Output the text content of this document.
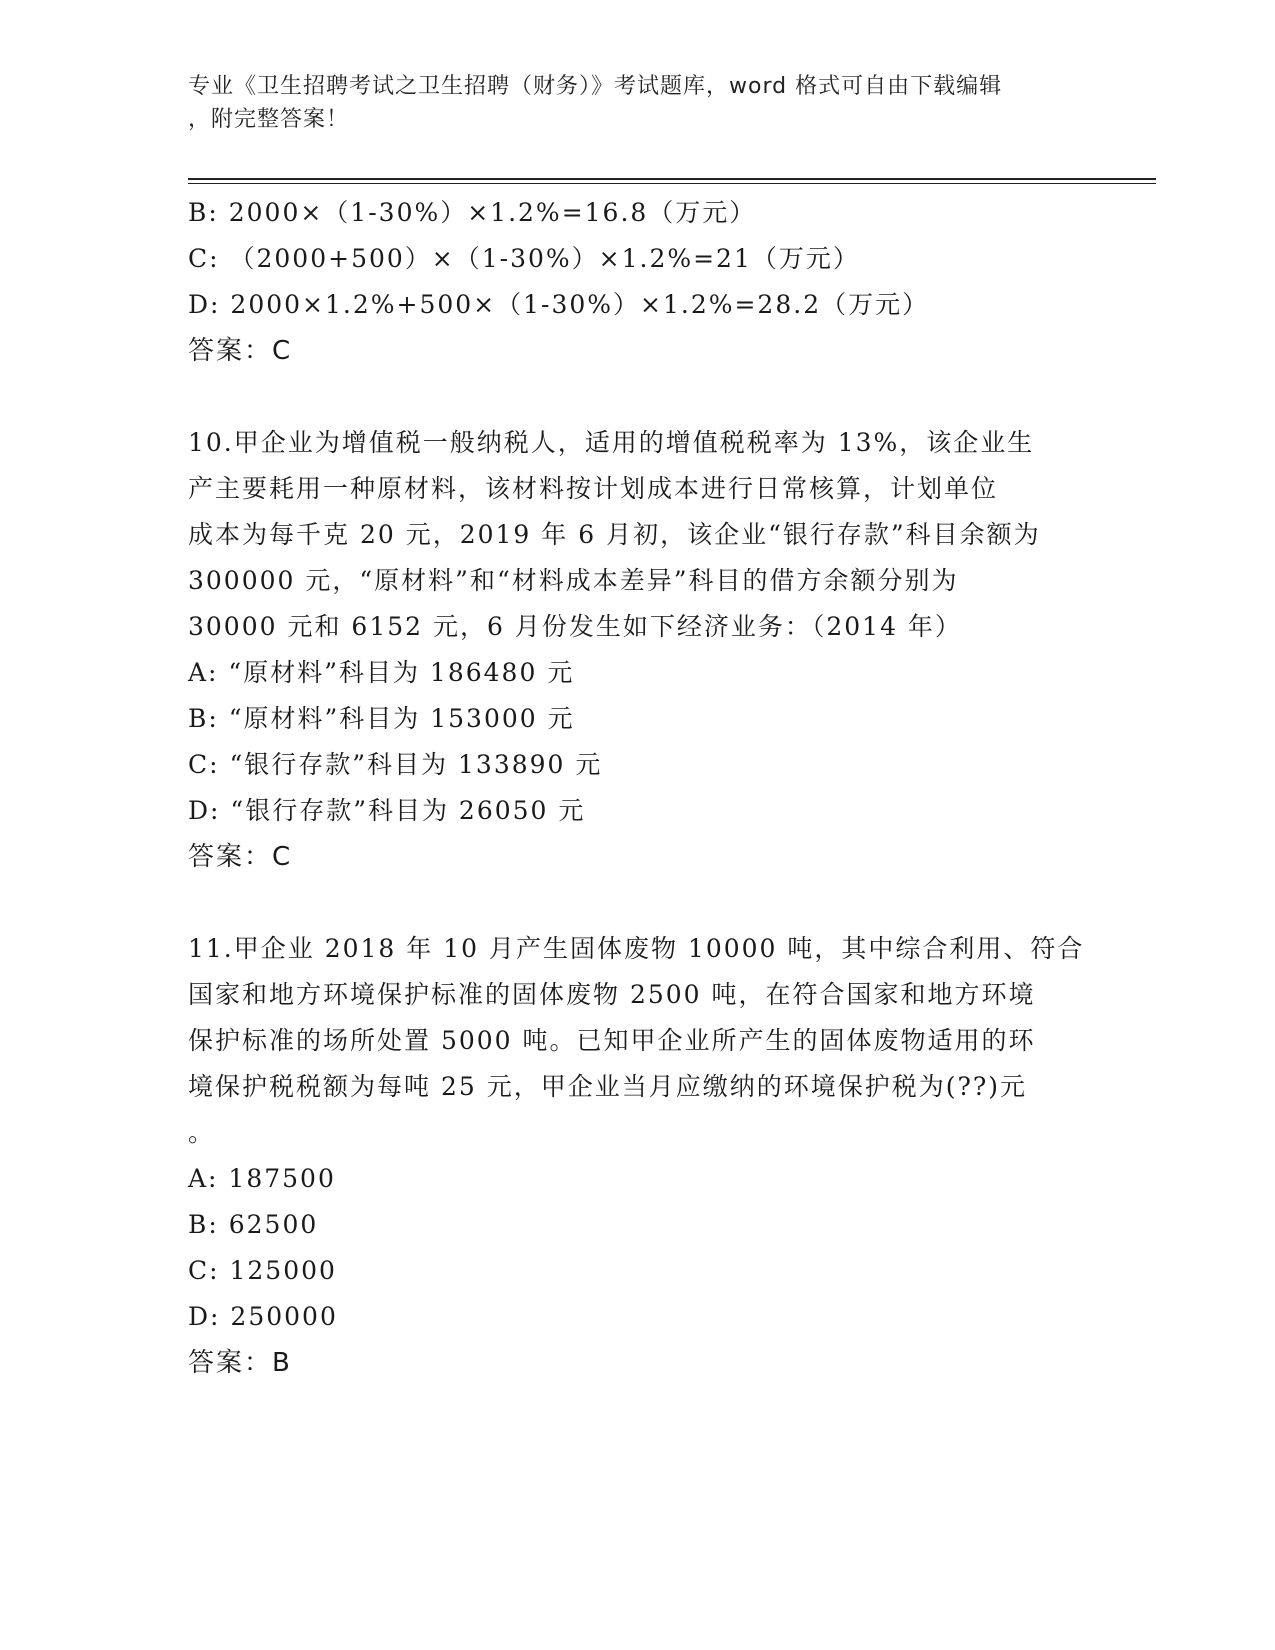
专业《卫生招聘考试之卫生招聘（财务）》考试题库，word 格式可自由下载编辑
，附完整答案！
B: 2000×（1-30%）×1.2%=16.8（万元）
C: （2000+500）×（1-30%）×1.2%=21（万元）
D: 2000×1.2%+500×（1-30%）×1.2%=28.2（万元）
答案：C
10.甲企业为增值税一般纳税人，适用的增值税税率为 13%，该企业生
产主要耗用一种原材料，该材料按计划成本进行日常核算，计划单位
成本为每千克 20 元，2019 年 6 月初，该企业“银行存款”科目余额为
300000 元，“原材料”和“材料成本差异”科目的借方余额分别为
30000 元和 6152 元，6 月份发生如下经济业务：（2014 年）
A: “原材料”科目为 186480 元
B: “原材料”科目为 153000 元
C: “银行存款”科目为 133890 元
D: “银行存款”科目为 26050 元
答案：C
11.甲企业 2018 年 10 月产生固体废物 10000 吨，其中综合利用、符合
国家和地方环境保护标准的固体废物 2500 吨，在符合国家和地方环境
保护标准的场所处置 5000 吨。已知甲企业所产生的固体废物适用的环
境保护税税额为每吨 25 元，甲企业当月应缴纳的环境保护税为(??)元
。
A: 187500
B: 62500
C: 125000
D: 250000
答案：B
